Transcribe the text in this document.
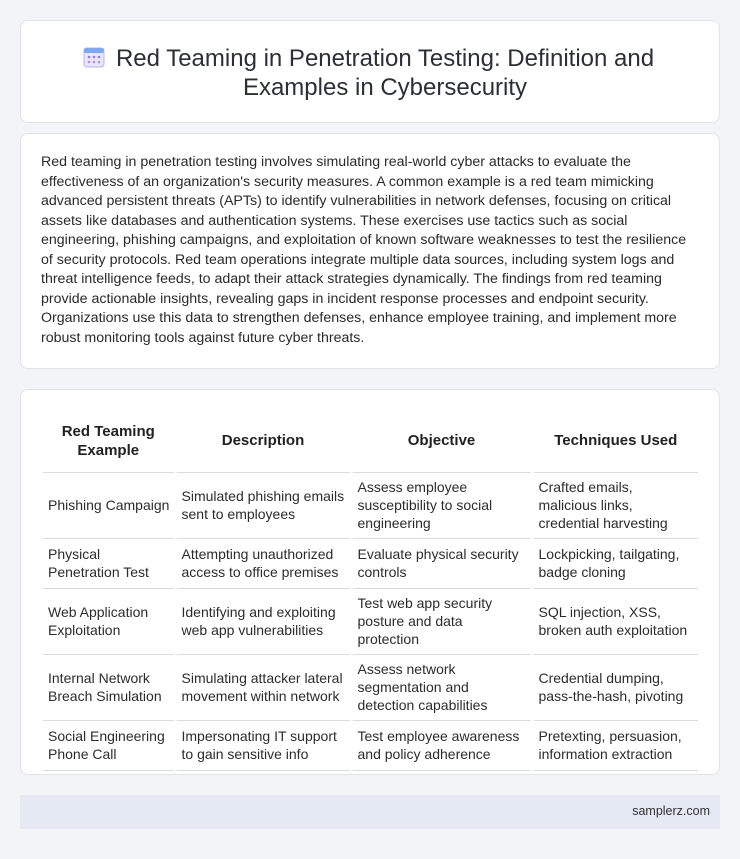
Red Teaming in Penetration Testing: Definition and Examples in Cybersecurity

Red teaming in penetration testing involves simulating real-world cyber attacks to evaluate the effectiveness of an organization's security measures. A common example is a red team mimicking advanced persistent threats (APTs) to identify vulnerabilities in network defenses, focusing on critical assets like databases and authentication systems. These exercises use tactics such as social engineering, phishing campaigns, and exploitation of known software weaknesses to test the resilience of security protocols. Red team operations integrate multiple data sources, including system logs and threat intelligence feeds, to adapt their attack strategies dynamically. The findings from red teaming provide actionable insights, revealing gaps in incident response processes and endpoint security. Organizations use this data to strengthen defenses, enhance employee training, and implement more robust monitoring tools against future cyber threats.

Red Teaming Example	Description	Objective	Techniques Used
Phishing Campaign	Simulated phishing emails sent to employees	Assess employee susceptibility to social engineering	Crafted emails, malicious links, credential harvesting
Physical Penetration Test	Attempting unauthorized access to office premises	Evaluate physical security controls	Lockpicking, tailgating, badge cloning
Web Application Exploitation	Identifying and exploiting web app vulnerabilities	Test web app security posture and data protection	SQL injection, XSS, broken auth exploitation
Internal Network Breach Simulation	Simulating attacker lateral movement within network	Assess network segmentation and detection capabilities	Credential dumping, pass-the-hash, pivoting
Social Engineering Phone Call	Impersonating IT support to gain sensitive info	Test employee awareness and policy adherence	Pretexting, persuasion, information extraction
samplerz.com
